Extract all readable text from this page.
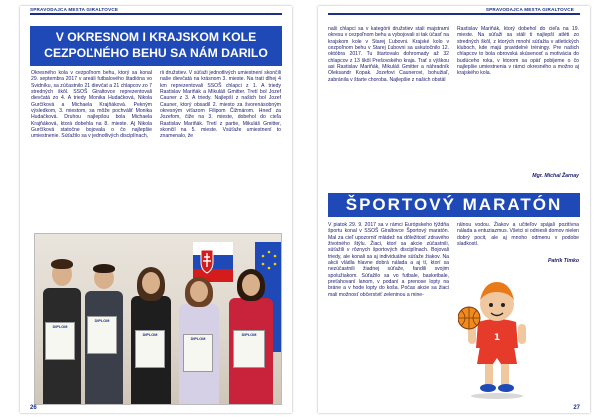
SPRAVODAJCA MESTA GIRALTOVCE
V OKRESNOM I KRAJSKOM KOLE
CEZPOĽNÉHO BEHU SA NÁM DARILO

Okresného kola v cezpoľnom behu, ktorý sa konal 29. septembra 2017 v areáli futbalového štadióna vo Svidníku, sa zúčastnilo 21 dievčat a 21 chlapcov zo 7 stredných škôl. SSOŠ Giraltovce reprezentovali dievčatá zo 4. A triedy Monika Hudačková, Nikola Gurčíková a Michaela Krajňáková. Pekným výsledkom, 3. miestom, sa môže pochváliť Monika Hudačková. Druhou najlepšou bola Michaela Krajňáková, ktorá dobehla na 8. mieste. Aj Nikola Gurčíková statočne bojovala o čo najlepšie umiestnenie. Súťažilo sa v jednotlivých disciplínach,

rii družstiev. V súťaži jednotlivých umiestnení skončili naše dievčatá na krásnom 3. mieste. Na trati dlhej 4 km reprezentovali SSOŠ chlapci z 1. A triedy Rastislav Mariňák a Mikuláš Gmitter. Tretí bol Jozef Cauner z 3. A triedy. Najlepší z našich bol Jozef Cauner, ktorý obsadil 2. miesto za švorenásobným okresným víťazom Filipom Čižmárom. Hneď za Jozefom, čiže na 3. mieste, dobehol do cieľa Rastislav Mariňák. Tretí z partie, Mikuláš Gmitter, skončil na 5. mieste. Vsúťaže umiestnení to znamenalo, že

DIPLOM
DIPLOM
DIPLOM
DIPLOM
DIPLOM
26
SPRAVODAJCA MESTA GIRALTOVCE

naši chlapci sa v kategórii družstiev stali majstrami okresu v cezpoľnom behu a vybojovali si tak účasť na krajskom kole v Starej Ľubovni. Krajské kolo v cezpoľnom behu v Starej Ľubovni sa uskutočnilo 12. októbra 2017. Tu štartovalo dohromady až 32 chlapcov z 13 škôl Prešovského kraja. Trať s výškou asi Rastislav Mariňák, Mikuláš Gmitter a náhradník Oleksandr Kopak. Jozefovi Caunerovi, bohužiaľ, zabránila v štarte choroba. Najlepšie z našich obstál

Rastislav Mariňák, ktorý dobehol do cieľa na 19. mieste. Na súťaži sa stáli ti najlepší atléti zo stredných škôl, z ktorých mnohí súťažia v atletických kluboch, kde majú pravidelné tréningy. Pre našich chlapcov to bola obrovská skúsenosť a motivácia do budúceho roka, v ktorom sa opäť pobijeme o čo najlepšie umiestnenia v rámci okresného a možno aj krajského kola.

Mgr. Michal Žarnay
ŠPORTOVÝ MARATÓN

V piatok 29. 9. 2017 sa v rámci Európskeho týždňa športu konal v SSOŠ Giraltovce Športový maratón. Mal za cieľ upozorniť mládež na dôležitosť zdravého životného štýlu. Žiaci, ktorí sa akcie zúčastnili, súťažili v rôznych športových disciplínach. Bojovali triedy, ale konali sa aj individuálne súťaže žiakov. Na akcii vládla hlavne dobrá nálada a aj tí, ktorí sa nezúčastnili žiadnej súťaže, fandili svojim spolužiakom. Súťažilo sa vo futbale, basketbale, preťahovaní lanom, v podaní a prenose lopty na bráne a v hode lopty do koša. Počas akcie sa žiaci mali možnosť občerstviť zeleninou a mine-

rálnou vodou. Žiakov a učiteľov spájali pozitívna nálada a entuziazmus. Všetci si odniesli domov nielen dobrý pocit, ale aj mnoho odmenu v podobe sladkostí.

Patrik Timko
1
27
